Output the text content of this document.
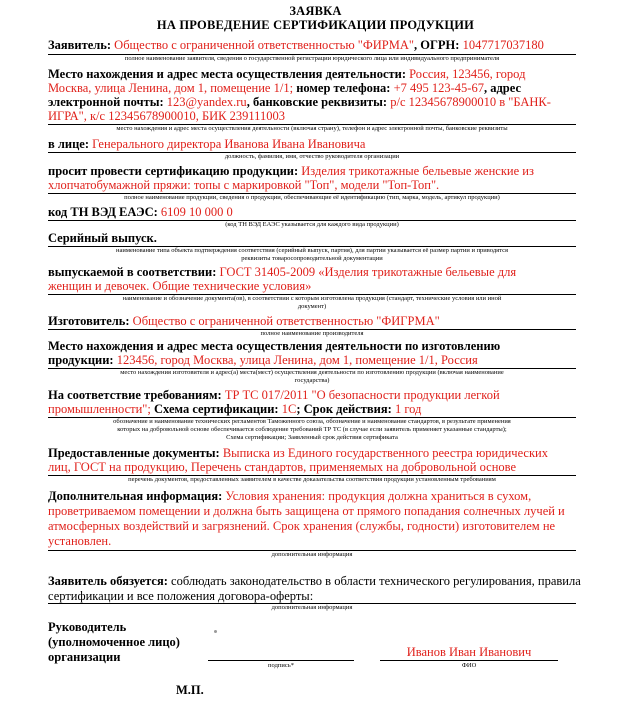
ЗАЯВКА
НА ПРОВЕДЕНИЕ СЕРТИФИКАЦИИ ПРОДУКЦИИ
Заявитель: Общество с ограниченной ответственностью "ФИРМА", ОГРН: 1047717037180
полное наименование заявителя, сведения о государственной регистрации юридического лица или индивидуального предпринимателя
Место нахождения и адрес места осуществления деятельности: Россия, 123456, город
Москва, улица Ленина, дом 1, помещение 1/1; номер телефона: +7 495 123-45-67, адрес
электронной почты: 123@yandex.ru, банковские реквизиты: р/с 12345678900010 в "БАНК-
ИГРА", к/с 12345678900010, БИК 239111003
место нахождения и адрес места осуществления деятельности (включая страну), телефон и адрес электронной почты, банковские реквизиты
в лице: Генерального директора Иванова Ивана Ивановича
должность, фамилия, имя, отчество руководителя организации
просит провести сертификацию продукции: Изделия трикотажные бельевые женские из
хлопчатобумажной пряжи: топы с маркировкой "Топ", модели "Топ-Топ".
полное наименование продукции, сведения о продукции, обеспечивающие её идентификацию (тип, марка, модель, артикул продукции)
код ТН ВЭД ЕАЭС: 6109 10 000 0
(код ТН ВЭД ЕАЭС указывается для каждого вида продукции)
Серийный выпуск.
наименование типа объекта подтверждения соответствия (серийный выпуск, партия), для партии указывается её размер партии и приводятся
реквизиты товаросопроводительной документации
выпускаемой в соответствии: ГОСТ 31405-2009 «Изделия трикотажные бельевые для
женщин и девочек. Общие технические условия»
наименование и обозначение документа(ов), в соответствии с которым изготовлена продукция (стандарт, технические условия или иной
документ)
Изготовитель: Общество с ограниченной ответственностью "ФИГРМА"
полное наименование производителя
Место нахождения и адрес места осуществления деятельности по изготовлению
продукции: 123456, город Москва, улица Ленина, дом 1, помещение 1/1, Россия
место нахождения изготовителя и адрес(а) места(мест) осуществления деятельности по изготовлению продукции (включая наименование
государства)
На соответствие требованиям: ТР ТС 017/2011 "О безопасности продукции легкой
промышленности"; Схема сертификации: 1С; Срок действия: 1 год
обозначение и наименование технических регламентов Таможенного союза, обозначение и наименование стандартов, в результате применения
которых на добровольной основе обеспечивается соблюдение требований ТР ТС (в случае если заявитель применяет указанные стандарты);
Схема сертификации; Заявленный срок действия сертификата
Предоставленные документы: Выписка из Единого государственного реестра юридических
лиц, ГОСТ на продукцию, Перечень стандартов, применяемых на добровольной основе
перечень документов, предоставленных заявителем в качестве доказательства соответствия продукции установленным требованиям
Дополнительная информация: Условия хранения: продукция должна храниться в сухом,
проветриваемом помещении и должна быть защищена от прямого попадания солнечных лучей и
атмосферных воздействий и загрязнений. Срок хранения (службы, годности) изготовителем не
установлен.
дополнительная информация
Заявитель обязуется: соблюдать законодательство в области технического регулирования, правила
сертификации и все положения договора-оферты:
дополнительная информация
Руководитель
(уполномоченное лицо)
организации	Иванов Иван Иванович
подпись*	ФИО
М.П.
